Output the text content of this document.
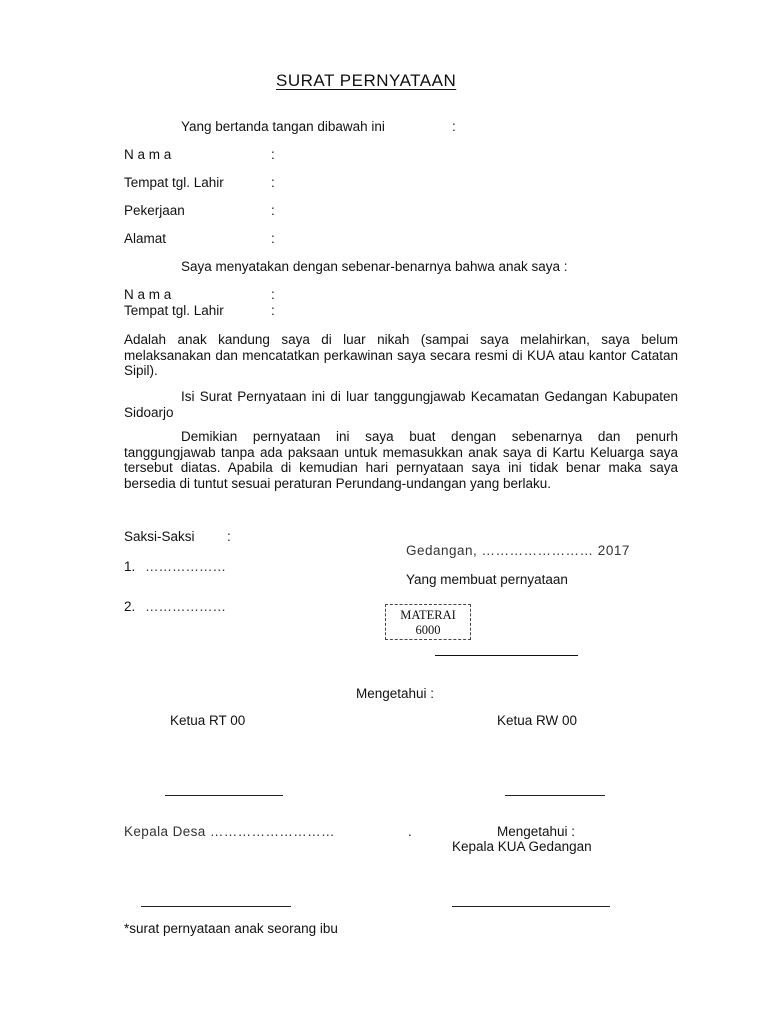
SURAT PERNYATAAN
Yang bertanda tangan dibawah ini	:
N a m a	:
Tempat tgl. Lahir	:
Pekerjaan	:
Alamat	:
Saya menyatakan dengan sebenar-benarnya bahwa anak saya :
N a m a	:
Tempat tgl. Lahir	:
Adalah anak kandung saya di luar nikah (sampai saya melahirkan, saya belum melaksanakan dan mencatatkan perkawinan saya secara resmi di KUA atau kantor Catatan Sipil).
Isi Surat Pernyataan ini di luar tanggungjawab Kecamatan Gedangan Kabupaten Sidoarjo
Demikian pernyataan ini saya buat dengan sebenarnya dan penurh tanggungjawab tanpa ada paksaan untuk memasukkan anak saya di Kartu Keluarga saya tersebut diatas. Apabila di kemudian hari pernyataan saya ini tidak benar maka saya bersedia di tuntut sesuai peraturan Perundang-undangan yang berlaku.
Saksi-Saksi :
1. ………………
2. ………………
Gedangan, …………………… 2017
Yang membuat pernyataan
MATERAI
6000
Mengetahui :
Ketua RT 00	Ketua RW 00
Kepala Desa ………………………	.	Mengetahui :
Kepala KUA Gedangan
*surat pernyataan anak seorang ibu
